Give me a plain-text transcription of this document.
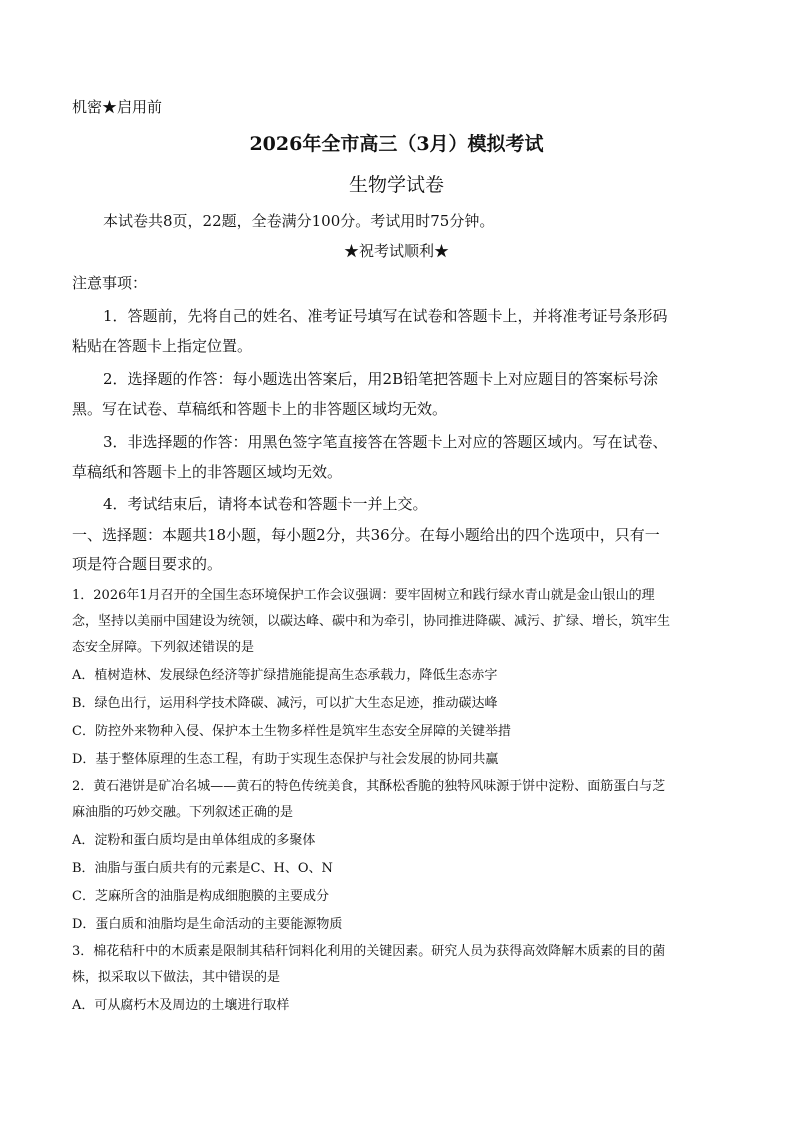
机密★启用前
2026年全市高三（3月）模拟考试
生物学试卷
本试卷共8页，22题，全卷满分100分。考试用时75分钟。
★祝考试顺利★
注意事项：
1．答题前，先将自己的姓名、准考证号填写在试卷和答题卡上，并将准考证号条形码
粘贴在答题卡上指定位置。
2．选择题的作答：每小题选出答案后，用2B铅笔把答题卡上对应题目的答案标号涂
黑。写在试卷、草稿纸和答题卡上的非答题区域均无效。
3．非选择题的作答：用黑色签字笔直接答在答题卡上对应的答题区域内。写在试卷、
草稿纸和答题卡上的非答题区域均无效。
4．考试结束后，请将本试卷和答题卡一并上交。
一、选择题：本题共18小题，每小题2分，共36分。在每小题给出的四个选项中，只有一
项是符合题目要求的。
1．2026年1月召开的全国生态环境保护工作会议强调：要牢固树立和践行绿水青山就是金山银山的理
念，坚持以美丽中国建设为统领，以碳达峰、碳中和为牵引，协同推进降碳、减污、扩绿、增长，筑牢生
态安全屏障。下列叙述错误的是
A．植树造林、发展绿色经济等扩绿措施能提高生态承载力，降低生态赤字
B．绿色出行，运用科学技术降碳、减污，可以扩大生态足迹，推动碳达峰
C．防控外来物种入侵、保护本土生物多样性是筑牢生态安全屏障的关键举措
D．基于整体原理的生态工程，有助于实现生态保护与社会发展的协同共赢
2．黄石港饼是矿冶名城——黄石的特色传统美食，其酥松香脆的独特风味源于饼中淀粉、面筋蛋白与芝
麻油脂的巧妙交融。下列叙述正确的是
A．淀粉和蛋白质均是由单体组成的多聚体
B．油脂与蛋白质共有的元素是C、H、O、N
C．芝麻所含的油脂是构成细胞膜的主要成分
D．蛋白质和油脂均是生命活动的主要能源物质
3．棉花秸秆中的木质素是限制其秸秆饲料化利用的关键因素。研究人员为获得高效降解木质素的目的菌
株，拟采取以下做法，其中错误的是
A．可从腐朽木及周边的土壤进行取样
